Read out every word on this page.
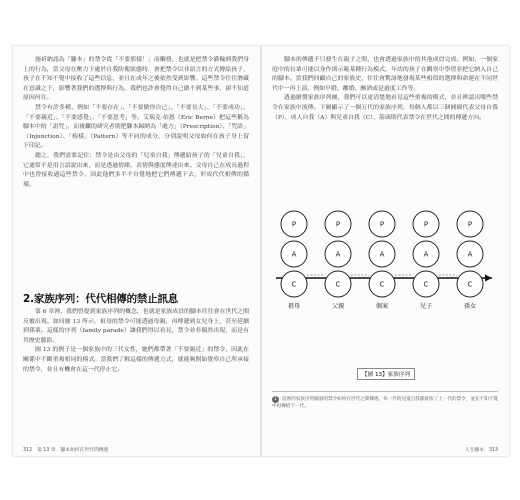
施祈納認為「腳本」的禁令從「不要那樣！」而觸發，也就是把禁令灌輸到我們身上的行為，當父母在壓力下處於自我防衛狀態時，會把禁令以非語言的方式傳給孩子，孩子在不知不覺中接收了這些信息，並且在成年之後依然受到影響。這些禁令往往潛藏在意識之下，影響著我們的選擇與行為，我們也許會覺得自己做不到某些事，卻不知道原因何在。

禁令有許多種，例如「不要存在」、「不要做你自己」、「不要長大」、「不要成功」、「不要親近」、「不要感覺」、「不要思考」等。艾瑞克·伯恩（Eric Berne）把這些稱為腳本中的「詛咒」，而後繼的研究者則把腳本歸納為「處方」（Prescription）、「咒語」（Injunction）、「榜樣」（Pattern）等不同的成分，分別說明父母如何在孩子身上留下印記。

總之，我們需要記住：禁令是由父母的「兒童自我」傳遞給孩子的「兒童自我」，它通常不是用言語說出來，而是透過情緒、表情與態度傳達出來。父母自己在成長過程中也曾接收過這些禁令，因此他們多半不自覺地把它們傳遞下去，形成代代相傳的循環。

2.家族序列：代代相傳的禁止訊息

第 6 章裡，我們曾提到家族序列的概念，也就是家族成員的腳本往往會在世代之間反覆出現。如同圖 13 所示，祖母的禁令可能透過母親，再傳遞到女兒身上，甚至延續到孫輩。這樣的序列（family parade）讓我們得以看見，禁令並非偶然出現，而是有其歷史脈絡。

圖 13 的例子是一個家族中的三代女性，她們都帶著「不要親近」的禁令，因此在關係中不斷重複相同的模式。當我們了解這樣的傳遞方式，就能夠開始覺察自己所承接的禁令，並且有機會在這一代停止它。

312　第 13 章　腳本如何在世代間傳遞

腳本的傳遞不只發生在親子之間，也會透過家族中的其他成員完成。例如，一個家庭中的長輩可能以身作則示範某種行為模式，年幼的孩子在觀察中學習並把它納入自己的腳本。當我們回顧自己的家族史，往往會驚訝地發現某些相似的選擇與命運在不同世代中一再上演，例如早婚、離婚、酗酒或是過度工作等。

透過繪製家族序列圖，我們可以更清楚地看見這些重複的模式，並且辨認出哪些禁令在家族中流傳。下圖顯示了一個五代的家族序列，每個人都以三個圓圈代表父母自我（P）、成人自我（A）與兒童自我（C），箭頭則代表禁令在世代之間的傳遞方向。

P
A
C
祖母
P
A
C
父親
P
A
C
個案
P
A
C
兒子
P
A
C
孫女
【圖 13】家族序列
1 這裡的家族序列圖說明禁令如何在世代之間傳遞，每一代的兒童自我都接收了上一代的禁令，並在不知不覺中再傳給下一代。
人生腳本　313
